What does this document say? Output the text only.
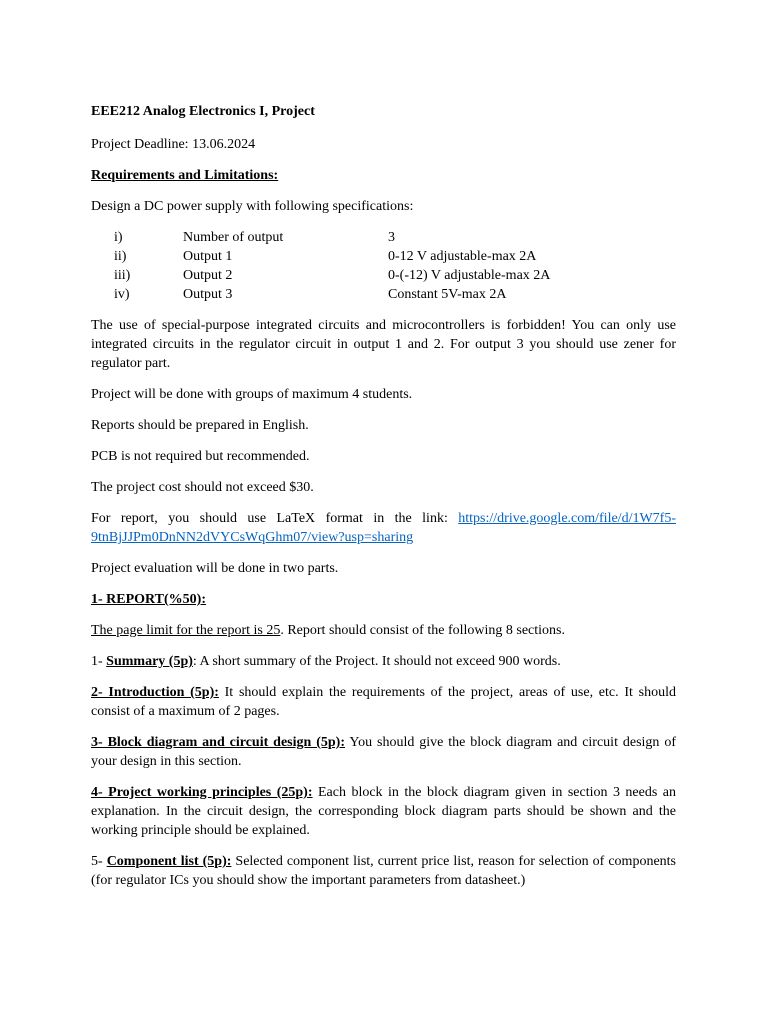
EEE212 Analog Electronics I, Project

Project Deadline: 13.06.2024

Requirements and Limitations:

Design a DC power supply with following specifications:

i)	Number of output	3
ii)	Output 1	0-12 V adjustable-max 2A
iii)	Output 2	0-(-12) V adjustable-max 2A
iv)	Output 3	Constant 5V-max 2A

The use of special-purpose integrated circuits and microcontrollers is forbidden! You can only use integrated circuits in the regulator circuit in output 1 and 2. For output 3 you should use zener for regulator part.

Project will be done with groups of maximum 4 students.

Reports should be prepared in English.

PCB is not required but recommended.

The project cost should not exceed $30.

For report, you should use LaTeX format in the link: https://drive.google.com/file/d/1W7f5-9tnBjJJPm0DnNN2dVYCsWqGhm07/view?usp=sharing

Project evaluation will be done in two parts.

1- REPORT(%50):

The page limit for the report is 25. Report should consist of the following 8 sections.

1- Summary (5p): A short summary of the Project. It should not exceed 900 words.

2- Introduction (5p): It should explain the requirements of the project, areas of use, etc. It should consist of a maximum of 2 pages.

3- Block diagram and circuit design (5p): You should give the block diagram and circuit design of your design in this section.

4- Project working principles (25p): Each block in the block diagram given in section 3 needs an explanation. In the circuit design, the corresponding block diagram parts should be shown and the working principle should be explained.

5- Component list (5p): Selected component list, current price list, reason for selection of components (for regulator ICs you should show the important parameters from datasheet.)
